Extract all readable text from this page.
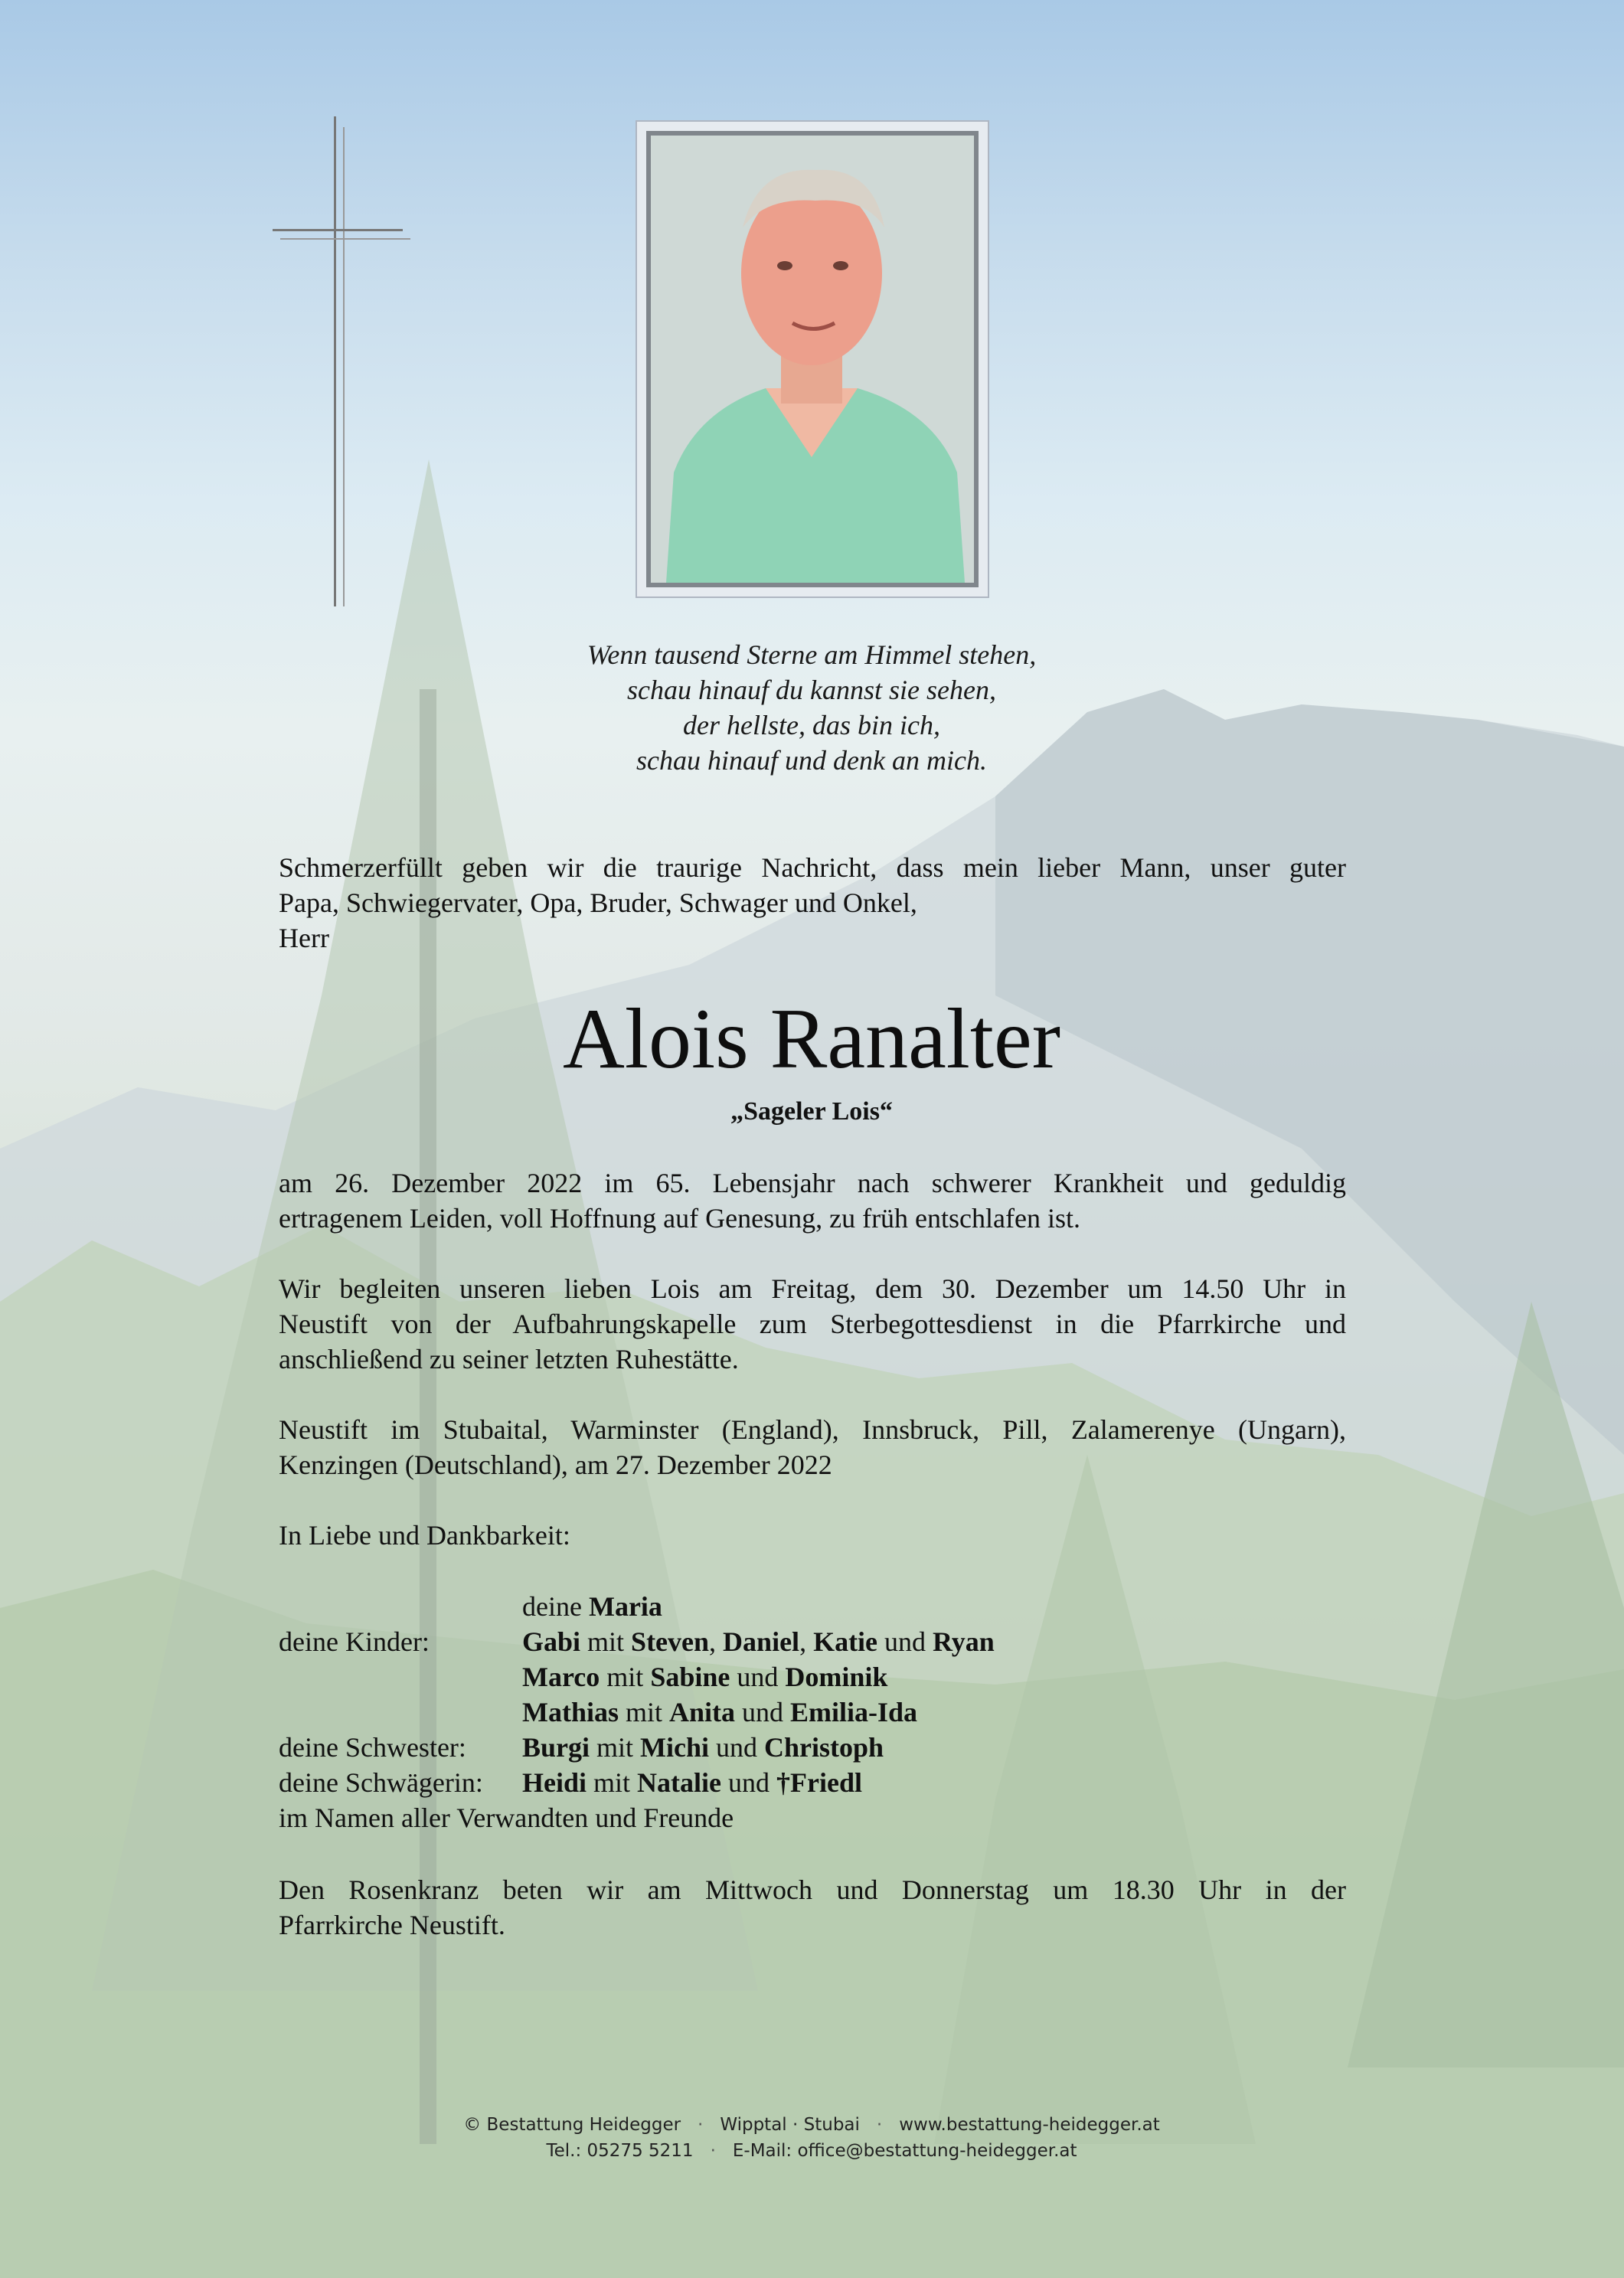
Wenn tausend Sterne am Himmel stehen,
schau hinauf du kannst sie sehen,
der hellste, das bin ich,
schau hinauf und denk an mich.
Schmerzerfüllt geben wir die traurige Nachricht, dass mein lieber Mann, unser guter
Papa, Schwiegervater, Opa, Bruder, Schwager und Onkel,
Herr
Alois Ranalter
„Sageler Lois“
am 26. Dezember 2022 im 65. Lebensjahr nach schwerer Krankheit und geduldig
ertragenem Leiden, voll Hoffnung auf Genesung, zu früh entschlafen ist.
Wir begleiten unseren lieben Lois am Freitag, dem 30. Dezember um 14.50 Uhr in
Neustift von der Aufbahrungskapelle zum Sterbegottesdienst in die Pfarrkirche und
anschließend zu seiner letzten Ruhestätte.
Neustift im Stubaital, Warminster (England), Innsbruck, Pill, Zalamerenye (Ungarn),
Kenzingen (Deutschland), am 27. Dezember 2022
In Liebe und Dankbarkeit:
deine Maria
deine Kinder:	Gabi mit Steven, Daniel, Katie und Ryan
Marco mit Sabine und Dominik
Mathias mit Anita und Emilia-Ida
deine Schwester: Burgi mit Michi und Christoph
deine Schwägerin: Heidi mit Natalie und †Friedl
im Namen aller Verwandten und Freunde
Den Rosenkranz beten wir am Mittwoch und Donnerstag um 18.30 Uhr in der
Pfarrkirche Neustift.
© Bestattung Heidegger · Wipptal · Stubai · www.bestattung-heidegger.at
Tel.: 05275 5211 · E-Mail: office@bestattung-heidegger.at
